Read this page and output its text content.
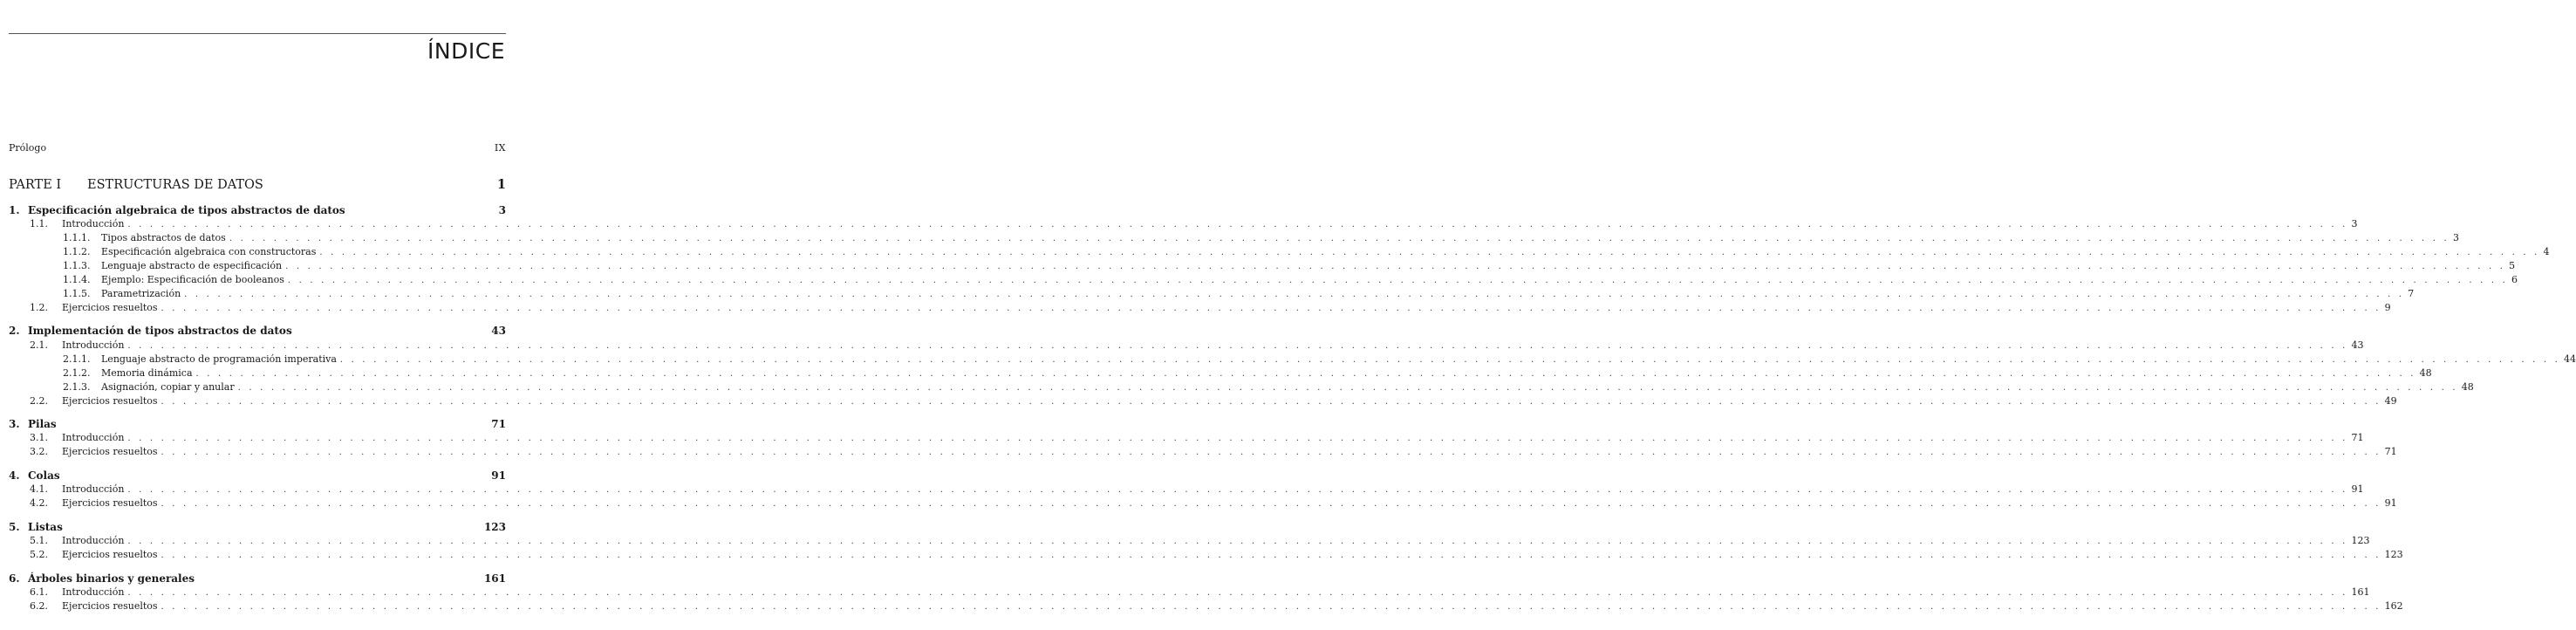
ÍNDICE
Prólogo	IX
PARTE I	ESTRUCTURAS DE DATOS	1
1. Especificación algebraica de tipos abstractos de datos	3
1.1.	Introducción . . . . . . . . . . . . . . . . . . . . . . . . . . . . . . . . . . . . . . . . . . . . . . . . . . . . . . . . . . . . . . . . . . . . . . . . . . . . . . . . . . . . . . . . . . . . . . . . . . . . . . . . . . . . . . . . . . . . . . . . . . . . . . . . . . . . . . . . . . . . . . . . . . . . . . . . . . . . . . . . . . . . . . . . . . . . . . . . . . . . . . . . . . . . . . . . . . . . . . . . 3
1.1.1.	Tipos abstractos de datos . . . . . . . . . . . . . . . . . . . . . . . . . . . . . . . . . . . . . . . . . . . . . . . . . . . . . . . . . . . . . . . . . . . . . . . . . . . . . . . . . . . . . . . . . . . . . . . . . . . . . . . . . . . . . . . . . . . . . . . . . . . . . . . . . . . . . . . . . . . . . . . . . . . . . . . . . . . . . . . . . . . . . . . . . . . . . . . . . . . . . . . . . . . . . . . . . . . . . . . . 3
1.1.2.	Especificación algebraica con constructoras . . . . . . . . . . . . . . . . . . . . . . . . . . . . . . . . . . . . . . . . . . . . . . . . . . . . . . . . . . . . . . . . . . . . . . . . . . . . . . . . . . . . . . . . . . . . . . . . . . . . . . . . . . . . . . . . . . . . . . . . . . . . . . . . . . . . . . . . . . . . . . . . . . . . . . . . . . . . . . . . . . . . . . . . . . . . . . . . . . . . . . . . . . . . . . . . . . . . . . . . 4
1.1.3.	Lenguaje abstracto de especificación . . . . . . . . . . . . . . . . . . . . . . . . . . . . . . . . . . . . . . . . . . . . . . . . . . . . . . . . . . . . . . . . . . . . . . . . . . . . . . . . . . . . . . . . . . . . . . . . . . . . . . . . . . . . . . . . . . . . . . . . . . . . . . . . . . . . . . . . . . . . . . . . . . . . . . . . . . . . . . . . . . . . . . . . . . . . . . . . . . . . . . . . . . . . . . . . . . . . . . . . 5
1.1.4.	Ejemplo: Especificación de booleanos . . . . . . . . . . . . . . . . . . . . . . . . . . . . . . . . . . . . . . . . . . . . . . . . . . . . . . . . . . . . . . . . . . . . . . . . . . . . . . . . . . . . . . . . . . . . . . . . . . . . . . . . . . . . . . . . . . . . . . . . . . . . . . . . . . . . . . . . . . . . . . . . . . . . . . . . . . . . . . . . . . . . . . . . . . . . . . . . . . . . . . . . . . . . . . . . . . . . . . . . 6
1.1.5.	Parametrización . . . . . . . . . . . . . . . . . . . . . . . . . . . . . . . . . . . . . . . . . . . . . . . . . . . . . . . . . . . . . . . . . . . . . . . . . . . . . . . . . . . . . . . . . . . . . . . . . . . . . . . . . . . . . . . . . . . . . . . . . . . . . . . . . . . . . . . . . . . . . . . . . . . . . . . . . . . . . . . . . . . . . . . . . . . . . . . . . . . . . . . . . . . . . . . . . . . . . . . . 7
1.2.	Ejercicios resueltos . . . . . . . . . . . . . . . . . . . . . . . . . . . . . . . . . . . . . . . . . . . . . . . . . . . . . . . . . . . . . . . . . . . . . . . . . . . . . . . . . . . . . . . . . . . . . . . . . . . . . . . . . . . . . . . . . . . . . . . . . . . . . . . . . . . . . . . . . . . . . . . . . . . . . . . . . . . . . . . . . . . . . . . . . . . . . . . . . . . . . . . . . . . . . . . . . . . . . . . . 9
2. Implementación de tipos abstractos de datos	43
2.1.	Introducción . . . . . . . . . . . . . . . . . . . . . . . . . . . . . . . . . . . . . . . . . . . . . . . . . . . . . . . . . . . . . . . . . . . . . . . . . . . . . . . . . . . . . . . . . . . . . . . . . . . . . . . . . . . . . . . . . . . . . . . . . . . . . . . . . . . . . . . . . . . . . . . . . . . . . . . . . . . . . . . . . . . . . . . . . . . . . . . . . . . . . . . . . . . . . . . . . . . . . . . . 43
2.1.1.	Lenguaje abstracto de programación imperativa . . . . . . . . . . . . . . . . . . . . . . . . . . . . . . . . . . . . . . . . . . . . . . . . . . . . . . . . . . . . . . . . . . . . . . . . . . . . . . . . . . . . . . . . . . . . . . . . . . . . . . . . . . . . . . . . . . . . . . . . . . . . . . . . . . . . . . . . . . . . . . . . . . . . . . . . . . . . . . . . . . . . . . . . . . . . . . . . . . . . . . . . . . . . . . . . . . . . . . . . 44
2.1.2.	Memoria dinámica . . . . . . . . . . . . . . . . . . . . . . . . . . . . . . . . . . . . . . . . . . . . . . . . . . . . . . . . . . . . . . . . . . . . . . . . . . . . . . . . . . . . . . . . . . . . . . . . . . . . . . . . . . . . . . . . . . . . . . . . . . . . . . . . . . . . . . . . . . . . . . . . . . . . . . . . . . . . . . . . . . . . . . . . . . . . . . . . . . . . . . . . . . . . . . . . . . . . . . . . 48
2.1.3.	Asignación, copiar y anular . . . . . . . . . . . . . . . . . . . . . . . . . . . . . . . . . . . . . . . . . . . . . . . . . . . . . . . . . . . . . . . . . . . . . . . . . . . . . . . . . . . . . . . . . . . . . . . . . . . . . . . . . . . . . . . . . . . . . . . . . . . . . . . . . . . . . . . . . . . . . . . . . . . . . . . . . . . . . . . . . . . . . . . . . . . . . . . . . . . . . . . . . . . . . . . . . . . . . . . . 48
2.2.	Ejercicios resueltos . . . . . . . . . . . . . . . . . . . . . . . . . . . . . . . . . . . . . . . . . . . . . . . . . . . . . . . . . . . . . . . . . . . . . . . . . . . . . . . . . . . . . . . . . . . . . . . . . . . . . . . . . . . . . . . . . . . . . . . . . . . . . . . . . . . . . . . . . . . . . . . . . . . . . . . . . . . . . . . . . . . . . . . . . . . . . . . . . . . . . . . . . . . . . . . . . . . . . . . . 49
3. Pilas	71
3.1.	Introducción . . . . . . . . . . . . . . . . . . . . . . . . . . . . . . . . . . . . . . . . . . . . . . . . . . . . . . . . . . . . . . . . . . . . . . . . . . . . . . . . . . . . . . . . . . . . . . . . . . . . . . . . . . . . . . . . . . . . . . . . . . . . . . . . . . . . . . . . . . . . . . . . . . . . . . . . . . . . . . . . . . . . . . . . . . . . . . . . . . . . . . . . . . . . . . . . . . . . . . . . 71
3.2.	Ejercicios resueltos . . . . . . . . . . . . . . . . . . . . . . . . . . . . . . . . . . . . . . . . . . . . . . . . . . . . . . . . . . . . . . . . . . . . . . . . . . . . . . . . . . . . . . . . . . . . . . . . . . . . . . . . . . . . . . . . . . . . . . . . . . . . . . . . . . . . . . . . . . . . . . . . . . . . . . . . . . . . . . . . . . . . . . . . . . . . . . . . . . . . . . . . . . . . . . . . . . . . . . . . 71
4. Colas	91
4.1.	Introducción . . . . . . . . . . . . . . . . . . . . . . . . . . . . . . . . . . . . . . . . . . . . . . . . . . . . . . . . . . . . . . . . . . . . . . . . . . . . . . . . . . . . . . . . . . . . . . . . . . . . . . . . . . . . . . . . . . . . . . . . . . . . . . . . . . . . . . . . . . . . . . . . . . . . . . . . . . . . . . . . . . . . . . . . . . . . . . . . . . . . . . . . . . . . . . . . . . . . . . . . 91
4.2.	Ejercicios resueltos . . . . . . . . . . . . . . . . . . . . . . . . . . . . . . . . . . . . . . . . . . . . . . . . . . . . . . . . . . . . . . . . . . . . . . . . . . . . . . . . . . . . . . . . . . . . . . . . . . . . . . . . . . . . . . . . . . . . . . . . . . . . . . . . . . . . . . . . . . . . . . . . . . . . . . . . . . . . . . . . . . . . . . . . . . . . . . . . . . . . . . . . . . . . . . . . . . . . . . . . 91
5. Listas	123
5.1.	Introducción . . . . . . . . . . . . . . . . . . . . . . . . . . . . . . . . . . . . . . . . . . . . . . . . . . . . . . . . . . . . . . . . . . . . . . . . . . . . . . . . . . . . . . . . . . . . . . . . . . . . . . . . . . . . . . . . . . . . . . . . . . . . . . . . . . . . . . . . . . . . . . . . . . . . . . . . . . . . . . . . . . . . . . . . . . . . . . . . . . . . . . . . . . . . . . . . . . . . . . . . 123
5.2.	Ejercicios resueltos . . . . . . . . . . . . . . . . . . . . . . . . . . . . . . . . . . . . . . . . . . . . . . . . . . . . . . . . . . . . . . . . . . . . . . . . . . . . . . . . . . . . . . . . . . . . . . . . . . . . . . . . . . . . . . . . . . . . . . . . . . . . . . . . . . . . . . . . . . . . . . . . . . . . . . . . . . . . . . . . . . . . . . . . . . . . . . . . . . . . . . . . . . . . . . . . . . . . . . . . 123
6. Árboles binarios y generales	161
6.1.	Introducción . . . . . . . . . . . . . . . . . . . . . . . . . . . . . . . . . . . . . . . . . . . . . . . . . . . . . . . . . . . . . . . . . . . . . . . . . . . . . . . . . . . . . . . . . . . . . . . . . . . . . . . . . . . . . . . . . . . . . . . . . . . . . . . . . . . . . . . . . . . . . . . . . . . . . . . . . . . . . . . . . . . . . . . . . . . . . . . . . . . . . . . . . . . . . . . . . . . . . . . . 161
6.2.	Ejercicios resueltos . . . . . . . . . . . . . . . . . . . . . . . . . . . . . . . . . . . . . . . . . . . . . . . . . . . . . . . . . . . . . . . . . . . . . . . . . . . . . . . . . . . . . . . . . . . . . . . . . . . . . . . . . . . . . . . . . . . . . . . . . . . . . . . . . . . . . . . . . . . . . . . . . . . . . . . . . . . . . . . . . . . . . . . . . . . . . . . . . . . . . . . . . . . . . . . . . . . . . . . . 162
